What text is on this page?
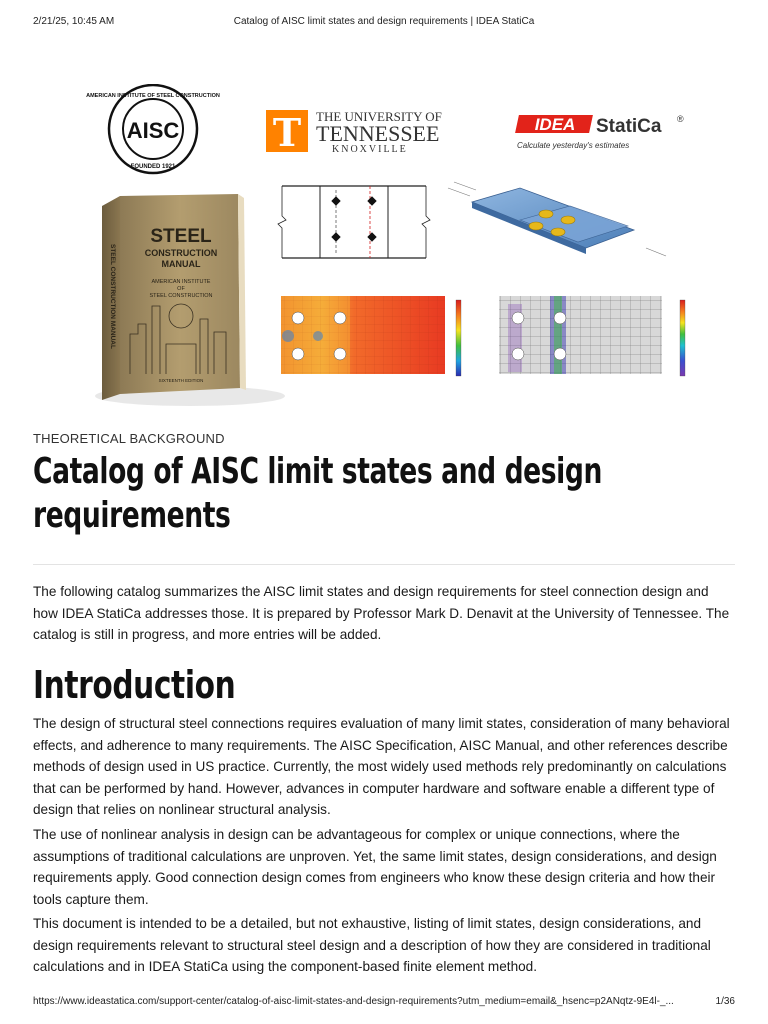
2/21/25, 10:45 AM	Catalog of AISC limit states and design requirements | IDEA StatiCa
AISC
AMERICAN INSTITUTE OF STEEL CONSTRUCTION
FOUNDED 1921
T THE UNIVERSITY OF
TENNESSEE
KNOXVILLE
IDEA StatiCa ®
Calculate yesterday's estimates
STEEL
CONSTRUCTION
MANUAL
AMERICAN INSTITUTE
OF
STEEL CONSTRUCTION
SIXTEENTH EDITION
STEEL CONSTRUCTION MANUAL
THEORETICAL BACKGROUND
Catalog of AISC limit states and design
requirements

The following catalog summarizes the AISC limit states and design requirements for steel connection design and how IDEA StatiCa addresses those. It is prepared by Professor Mark D. Denavit at the University of Tennessee. The catalog is still in progress, and more entries will be added.

Introduction

The design of structural steel connections requires evaluation of many limit states, consideration of many behavioral effects, and adherence to many requirements. The AISC Specification, AISC Manual, and other references describe methods of design used in US practice. Currently, the most widely used methods rely predominantly on calculations that can be performed by hand. However, advances in computer hardware and software enable a different type of design that relies on nonlinear structural analysis.

The use of nonlinear analysis in design can be advantageous for complex or unique connections, where the assumptions of traditional calculations are unproven. Yet, the same limit states, design considerations, and design requirements apply. Good connection design comes from engineers who know these design criteria and how their tools capture them.

This document is intended to be a detailed, but not exhaustive, listing of limit states, design considerations, and design requirements relevant to structural steel design and a description of how they are considered in traditional calculations and in IDEA StatiCa using the component-based finite element method.

https://www.ideastatica.com/support-center/catalog-of-aisc-limit-states-and-design-requirements?utm_medium=email&_hsenc=p2ANqtz-9E4l-_...	1/36
